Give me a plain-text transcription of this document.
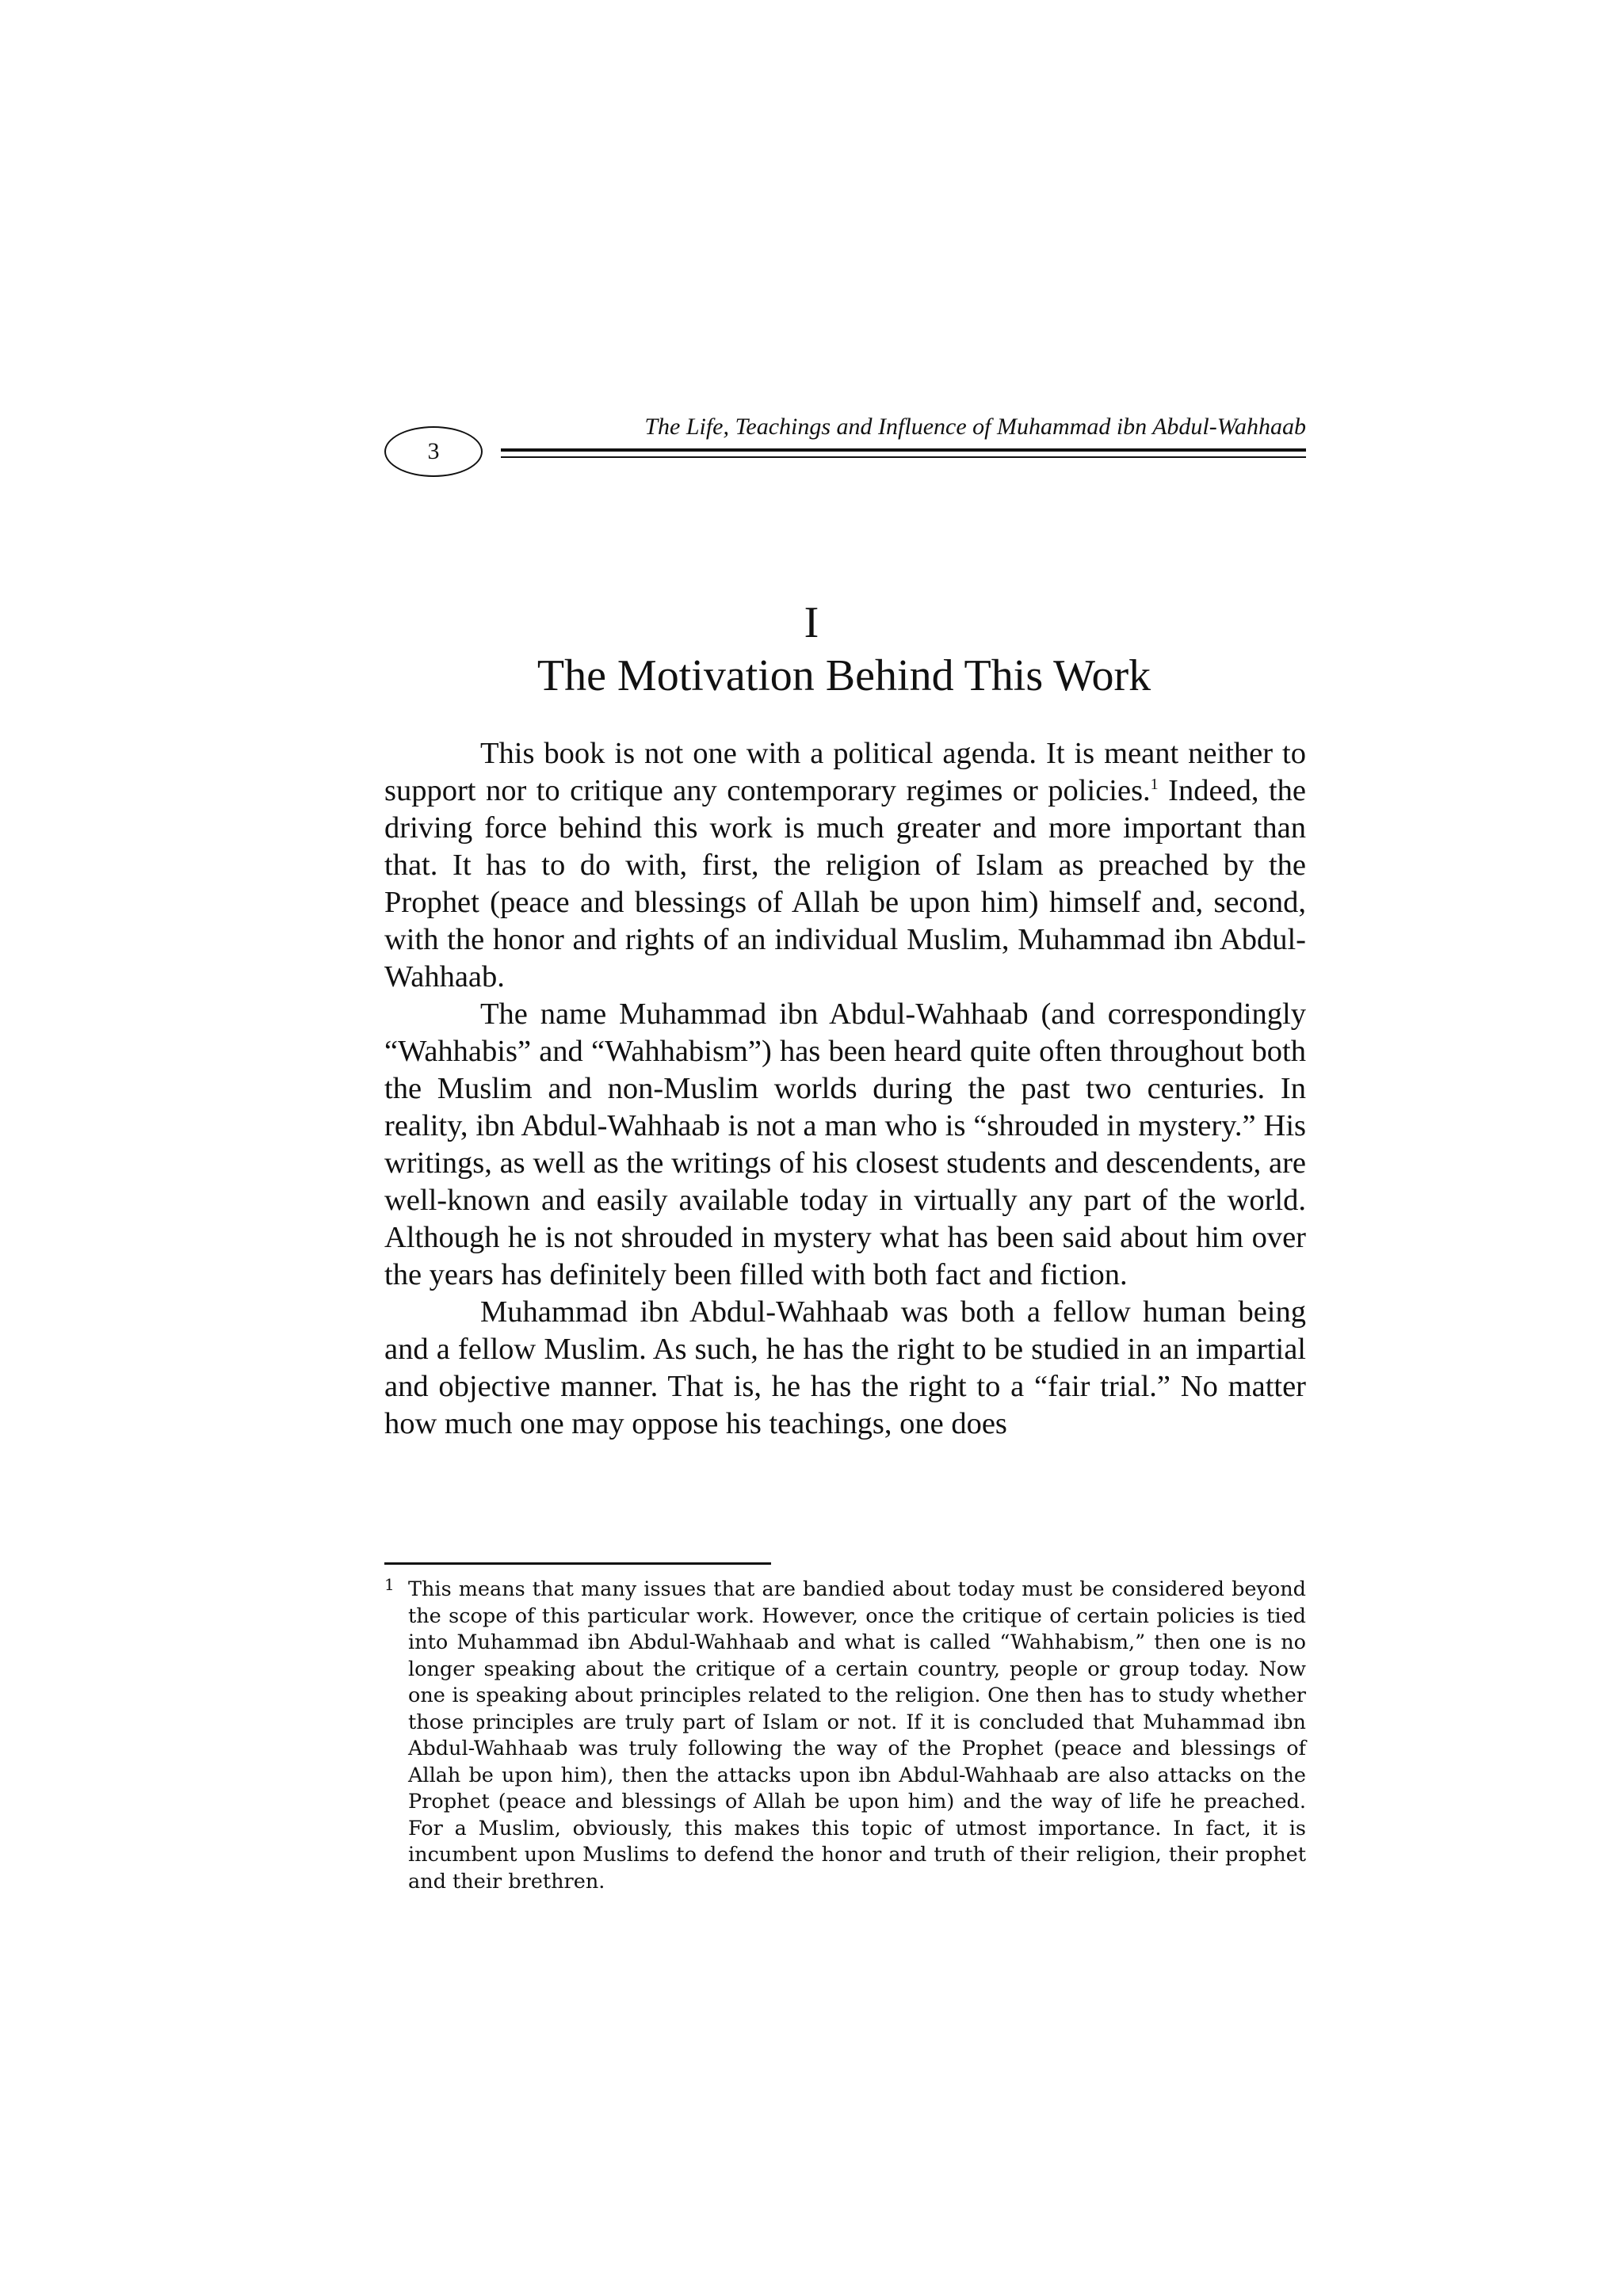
3
The Life, Teachings and Influence of Muhammad ibn Abdul-Wahhaab
I
The Motivation Behind This Work

This book is not one with a political agenda. It is meant neither to support nor to critique any contemporary regimes or policies.$^1$ Indeed, the driving force behind this work is much greater and more important than that. It has to do with, first, the religion of Islam as preached by the Prophet (peace and blessings of Allah be upon him) himself and, second, with the honor and rights of an individual Muslim, Muhammad ibn Abdul-Wahhaab.

The name Muhammad ibn Abdul-Wahhaab (and correspondingly “Wahhabis” and “Wahhabism”) has been heard quite often throughout both the Muslim and non-Muslim worlds during the past two centuries. In reality, ibn Abdul-Wahhaab is not a man who is “shrouded in mystery.” His writings, as well as the writings of his closest students and descendents, are well-known and easily available today in virtually any part of the world. Although he is not shrouded in mystery what has been said about him over the years has definitely been filled with both fact and fiction.

Muhammad ibn Abdul-Wahhaab was both a fellow human being and a fellow Muslim. As such, he has the right to be studied in an impartial and objective manner. That is, he has the right to a “fair trial.” No matter how much one may oppose his teachings, one does

1 This means that many issues that are bandied about today must be considered beyond the scope of this particular work. However, once the critique of certain policies is tied into Muhammad ibn Abdul-Wahhaab and what is called “Wahhabism,” then one is no longer speaking about the critique of a certain country, people or group today. Now one is speaking about principles related to the religion. One then has to study whether those principles are truly part of Islam or not. If it is concluded that Muhammad ibn Abdul-Wahhaab was truly following the way of the Prophet (peace and blessings of Allah be upon him), then the attacks upon ibn Abdul-Wahhaab are also attacks on the Prophet (peace and blessings of Allah be upon him) and the way of life he preached. For a Muslim, obviously, this makes this topic of utmost importance. In fact, it is incumbent upon Muslims to defend the honor and truth of their religion, their prophet and their brethren.
